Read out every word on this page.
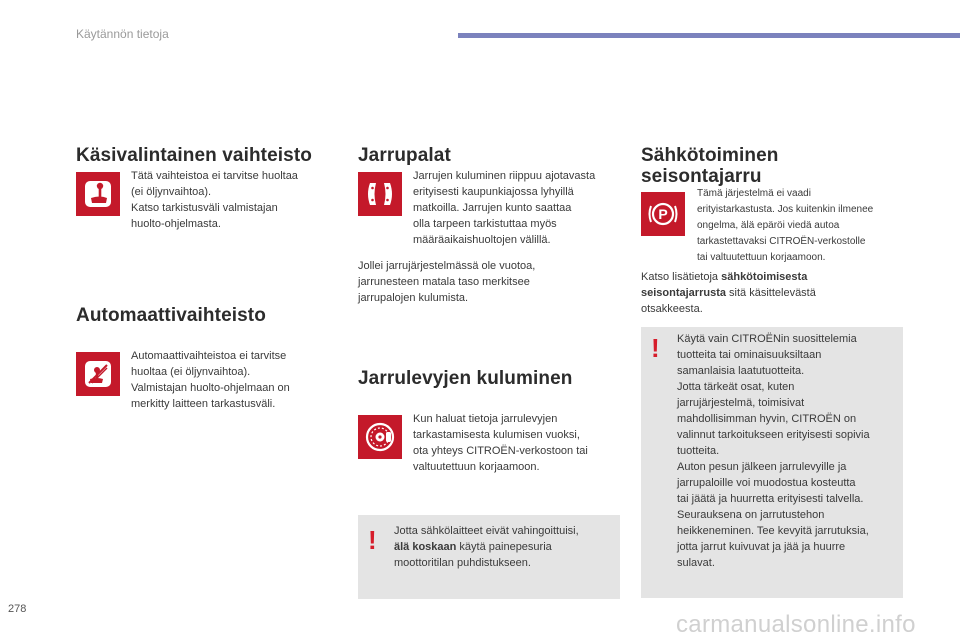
Käytännön tietoja
Käsivalintainen vaihteisto

Tätä vaihteistoa ei tarvitse huoltaa

(ei öljynvaihtoa).

Katso tarkistusväli valmistajan

huolto-ohjelmasta.

Automaattivaihteisto

Automaattivaihteistoa ei tarvitse

huoltaa (ei öljynvaihtoa).

Valmistajan huolto-ohjelmaan on

merkitty laitteen tarkastusväli.

Jarrupalat

Jarrujen kuluminen riippuu ajotavasta

erityisesti kaupunkiajossa lyhyillä

matkoilla. Jarrujen kunto saattaa

olla tarpeen tarkistuttaa myös

määräaikaishuoltojen välillä.

Jollei jarrujärjestelmässä ole vuotoa,

jarrunesteen matala taso merkitsee

jarrupalojen kulumista.

Jarrulevyjen kuluminen

Kun haluat tietoja jarrulevyjen

tarkastamisesta kulumisen vuoksi,

ota yhteys CITROËN-verkostoon tai

valtuutettuun korjaamoon.

! Jotta sähkölaitteet eivät vahingoittuisi,

älä koskaan käytä painepesuria

moottoritilan puhdistukseen.

Sähkötoiminen
seisontajarru
P

Tämä järjestelmä ei vaadi

erityistarkastusta. Jos kuitenkin ilmenee

ongelma, älä epäröi viedä autoa

tarkastettavaksi CITROËN-verkostolle

tai valtuutettuun korjaamoon.

Katso lisätietoja sähkötoimisesta

seisontajarrusta sitä käsittelevästä

otsakkeesta.

! Käytä vain CITROËNin suosittelemia

tuotteita tai ominaisuuksiltaan

samanlaisia laatutuotteita.

Jotta tärkeät osat, kuten

jarrujärjestelmä, toimisivat

mahdollisimman hyvin, CITROËN on

valinnut tarkoitukseen erityisesti sopivia

tuotteita.

Auton pesun jälkeen jarrulevyille ja

jarrupaloille voi muodostua kosteutta

tai jäätä ja huurretta erityisesti talvella.

Seurauksena on jarrutustehon

heikkeneminen. Tee kevyitä jarrutuksia,

jotta jarrut kuivuvat ja jää ja huurre

sulavat.

278
carmanualsonline.info
